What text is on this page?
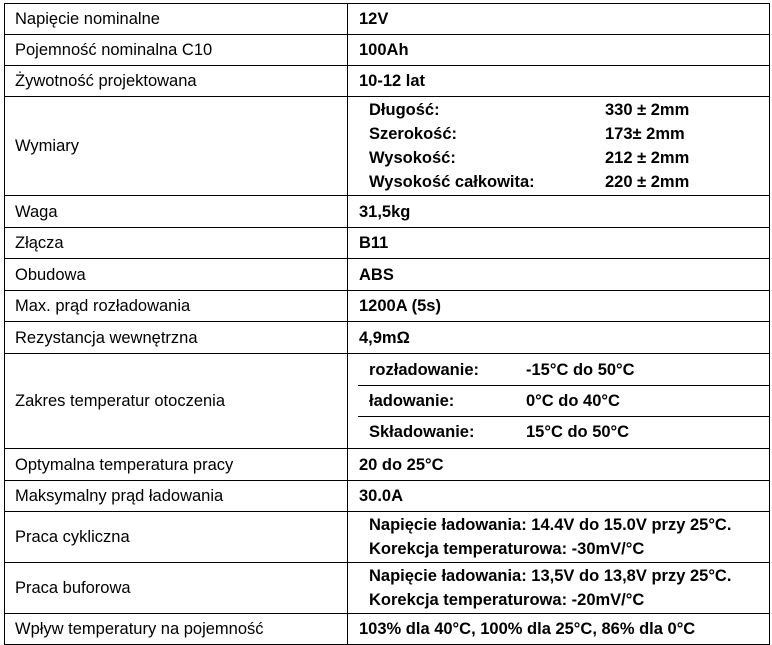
Napięcie nominalne	12V
Pojemność nominalna C10	100Ah
Żywotność projektowana	10-12 lat
Wymiary	
Długość:	330 ± 2mm
Szerokość:	173± 2mm
Wysokość:	212 ± 2mm
Wysokość całkowita:	220 ± 2mm

Waga	31,5kg
Złącza	B11
Obudowa	ABS
Max. prąd rozładowania	1200A (5s)
Rezystancja wewnętrzna	4,9mΩ
Zakres temperatur otoczenia	
rozładowanie:	-15°C do 50°C
ładowanie:	0°C do 40°C
Składowanie:	15°C do 50°C

Optymalna temperatura pracy	20 do 25°C
Maksymalny prąd ładowania	30.0A
Praca cykliczna	
Napięcie ładowania: 14.4V do 15.0V przy 25°C.
Korekcja temperaturowa: -30mV/°C

Praca buforowa	
Napięcie ładowania: 13,5V do 13,8V przy 25°C.
Korekcja temperaturowa: -20mV/°C

Wpływ temperatury na pojemność	103% dla 40°C, 100% dla 25°C, 86% dla 0°C
